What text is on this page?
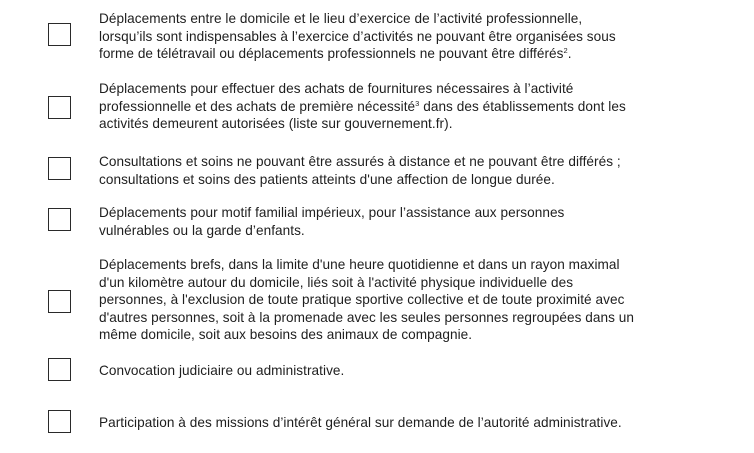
Déplacements entre le domicile et le lieu d’exercice de l’activité professionnelle,
lorsqu’ils sont indispensables à l’exercice d’activités ne pouvant être organisées sous
forme de télétravail ou déplacements professionnels ne pouvant être différés$^2$.
Déplacements pour effectuer des achats de fournitures nécessaires à l’activité
professionnelle et des achats de première nécessité$^3$ dans des établissements dont les
activités demeurent autorisées (liste sur gouvernement.fr).
Consultations et soins ne pouvant être assurés à distance et ne pouvant être différés ;
consultations et soins des patients atteints d'une affection de longue durée.
Déplacements pour motif familial impérieux, pour l’assistance aux personnes
vulnérables ou la garde d’enfants.
Déplacements brefs, dans la limite d'une heure quotidienne et dans un rayon maximal
d'un kilomètre autour du domicile, liés soit à l'activité physique individuelle des
personnes, à l'exclusion de toute pratique sportive collective et de toute proximité avec
d'autres personnes, soit à la promenade avec les seules personnes regroupées dans un
même domicile, soit aux besoins des animaux de compagnie.
Convocation judiciaire ou administrative.
Participation à des missions d’intérêt général sur demande de l’autorité administrative.
